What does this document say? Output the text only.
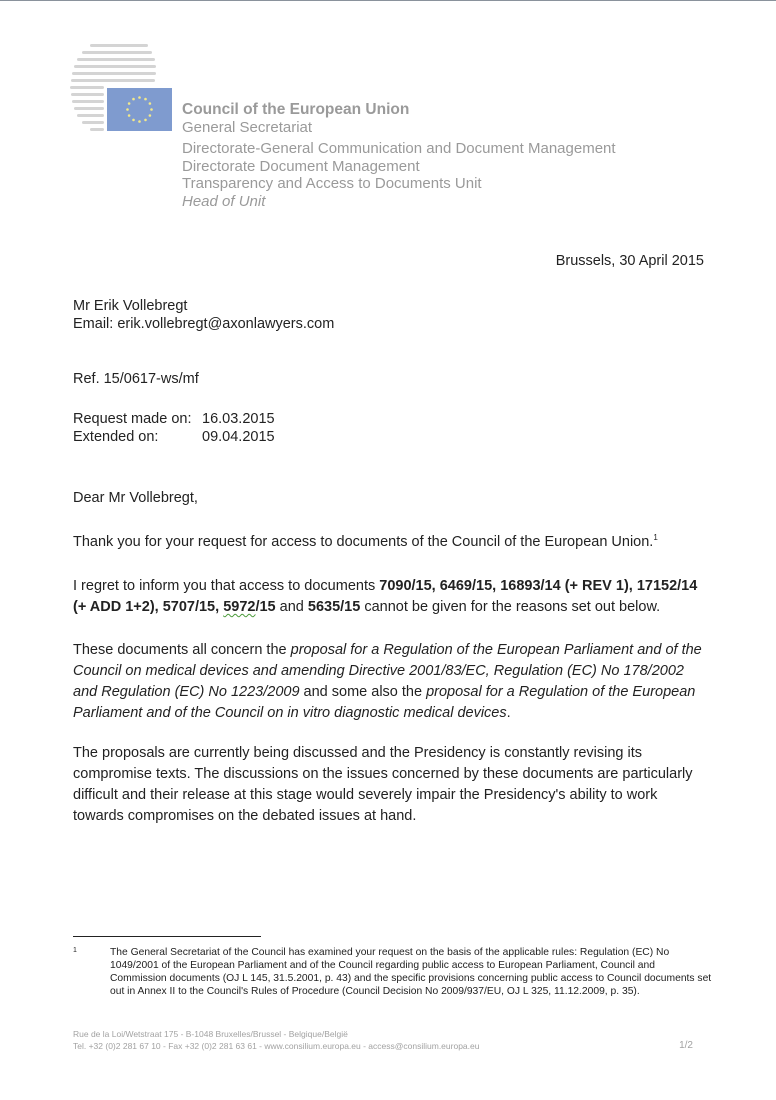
Council of the European Union
General Secretariat
Directorate-General Communication and Document Management
Directorate Document Management
Transparency and Access to Documents Unit
Head of Unit
Brussels, 30 April 2015
Mr Erik Vollebregt
Email: erik.vollebregt@axonlawyers.com
Ref. 15/0617-ws/mf
Request made on: 16.03.2015
Extended on:	09.04.2015
Dear Mr Vollebregt,
Thank you for your request for access to documents of the Council of the European Union.$^1$
I regret to inform you that access to documents 7090/15, 6469/15, 16893/14 (+ REV 1), 17152/14 (+ ADD 1+2), 5707/15, 5972/15 and 5635/15 cannot be given for the reasons set out below.
These documents all concern the proposal for a Regulation of the European Parliament and of the Council on medical devices and amending Directive 2001/83/EC, Regulation (EC) No 178/2002 and Regulation (EC) No 1223/2009 and some also the proposal for a Regulation of the European Parliament and of the Council on in vitro diagnostic medical devices.
The proposals are currently being discussed and the Presidency is constantly revising its compromise texts. The discussions on the issues concerned by these documents are particularly difficult and their release at this stage would severely impair the Presidency's ability to work towards compromises on the debated issues at hand.
1	The General Secretariat of the Council has examined your request on the basis of the applicable rules: Regulation (EC) No 1049/2001 of the European Parliament and of the Council regarding public access to European Parliament, Council and Commission documents (OJ L 145, 31.5.2001, p. 43) and the specific provisions concerning public access to Council documents set out in Annex II to the Council's Rules of Procedure (Council Decision No 2009/937/EU, OJ L 325, 11.12.2009, p. 35).
Rue de la Loi/Wetstraat 175 - B-1048 Bruxelles/Brussel - Belgique/België
Tel. +32 (0)2 281 67 10 - Fax +32 (0)2 281 63 61 - www.consilium.europa.eu - access@consilium.europa.eu	1/2
